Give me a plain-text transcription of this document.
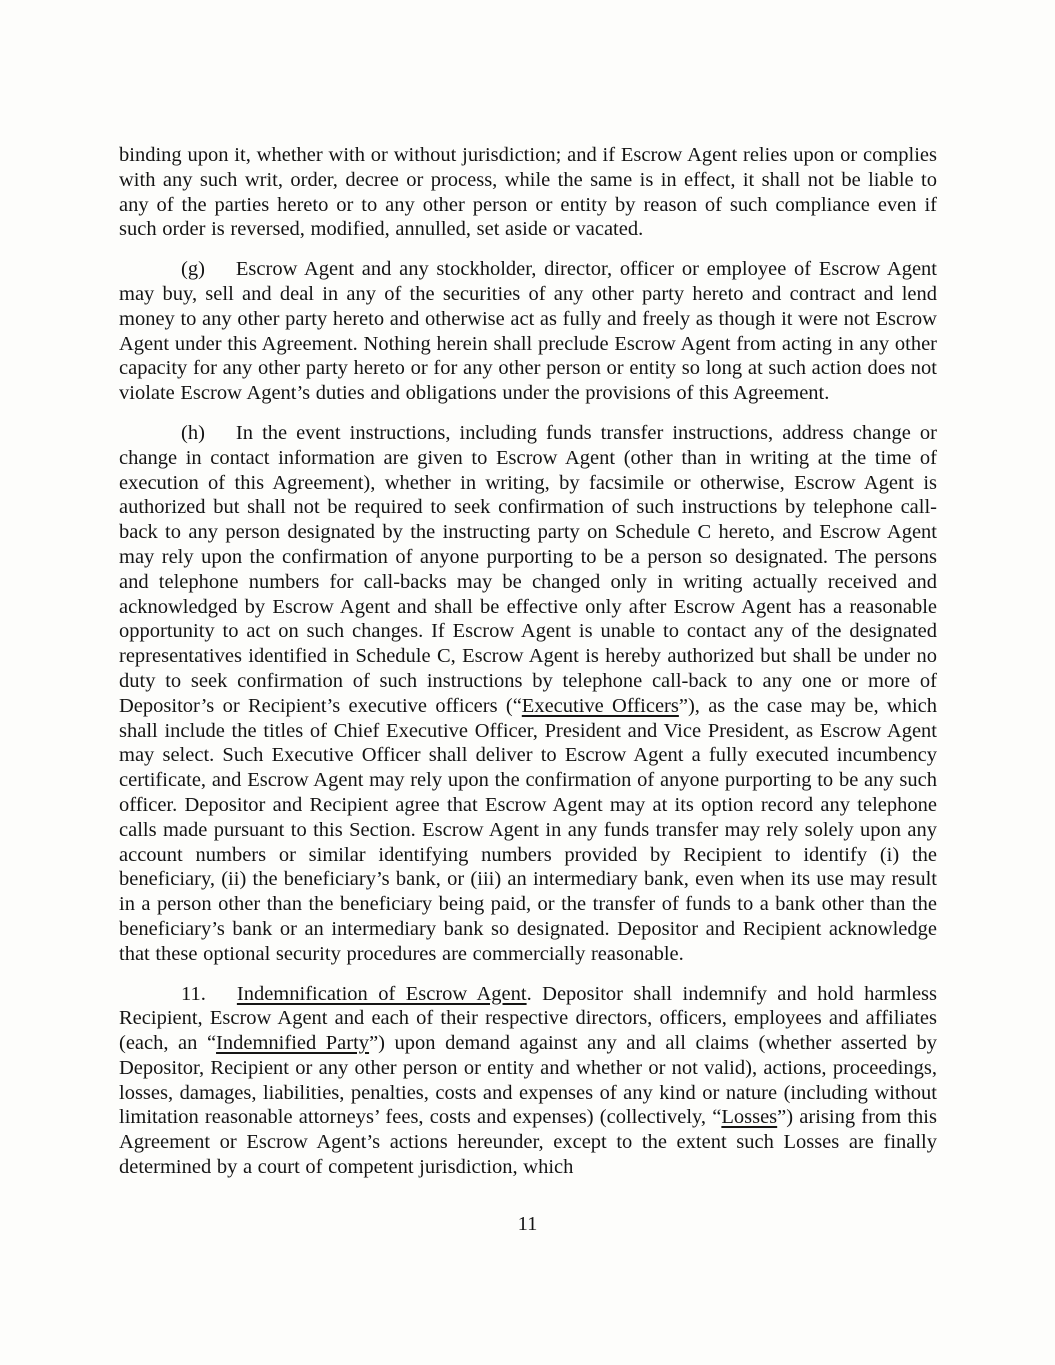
binding upon it, whether with or without jurisdiction; and if Escrow Agent relies upon or complies with any such writ, order, decree or process, while the same is in effect, it shall not be liable to any of the parties hereto or to any other person or entity by reason of such compliance even if such order is reversed, modified, annulled, set aside or vacated.

(g) Escrow Agent and any stockholder, director, officer or employee of Escrow Agent may buy, sell and deal in any of the securities of any other party hereto and contract and lend money to any other party hereto and otherwise act as fully and freely as though it were not Escrow Agent under this Agreement. Nothing herein shall preclude Escrow Agent from acting in any other capacity for any other party hereto or for any other person or entity so long at such action does not violate Escrow Agent’s duties and obligations under the provisions of this Agreement.

(h) In the event instructions, including funds transfer instructions, address change or change in contact information are given to Escrow Agent (other than in writing at the time of execution of this Agreement), whether in writing, by facsimile or otherwise, Escrow Agent is authorized but shall not be required to seek confirmation of such instructions by telephone call-back to any person designated by the instructing party on Schedule C hereto, and Escrow Agent may rely upon the confirmation of anyone purporting to be a person so designated. The persons and telephone numbers for call-backs may be changed only in writing actually received and acknowledged by Escrow Agent and shall be effective only after Escrow Agent has a reasonable opportunity to act on such changes. If Escrow Agent is unable to contact any of the designated representatives identified in Schedule C, Escrow Agent is hereby authorized but shall be under no duty to seek confirmation of such instructions by telephone call-back to any one or more of Depositor’s or Recipient’s executive officers (“Executive Officers”), as the case may be, which shall include the titles of Chief Executive Officer, President and Vice President, as Escrow Agent may select. Such Executive Officer shall deliver to Escrow Agent a fully executed incumbency certificate, and Escrow Agent may rely upon the confirmation of anyone purporting to be any such officer. Depositor and Recipient agree that Escrow Agent may at its option record any telephone calls made pursuant to this Section. Escrow Agent in any funds transfer may rely solely upon any account numbers or similar identifying numbers provided by Recipient to identify (i) the beneficiary, (ii) the beneficiary’s bank, or (iii) an intermediary bank, even when its use may result in a person other than the beneficiary being paid, or the transfer of funds to a bank other than the beneficiary’s bank or an intermediary bank so designated. Depositor and Recipient acknowledge that these optional security procedures are commercially reasonable.

11. Indemnification of Escrow Agent. Depositor shall indemnify and hold harmless Recipient, Escrow Agent and each of their respective directors, officers, employees and affiliates (each, an “Indemnified Party”) upon demand against any and all claims (whether asserted by Depositor, Recipient or any other person or entity and whether or not valid), actions, proceedings, losses, damages, liabilities, penalties, costs and expenses of any kind or nature (including without limitation reasonable attorneys’ fees, costs and expenses) (collectively, “Losses”) arising from this Agreement or Escrow Agent’s actions hereunder, except to the extent such Losses are finally determined by a court of competent jurisdiction, which

11
